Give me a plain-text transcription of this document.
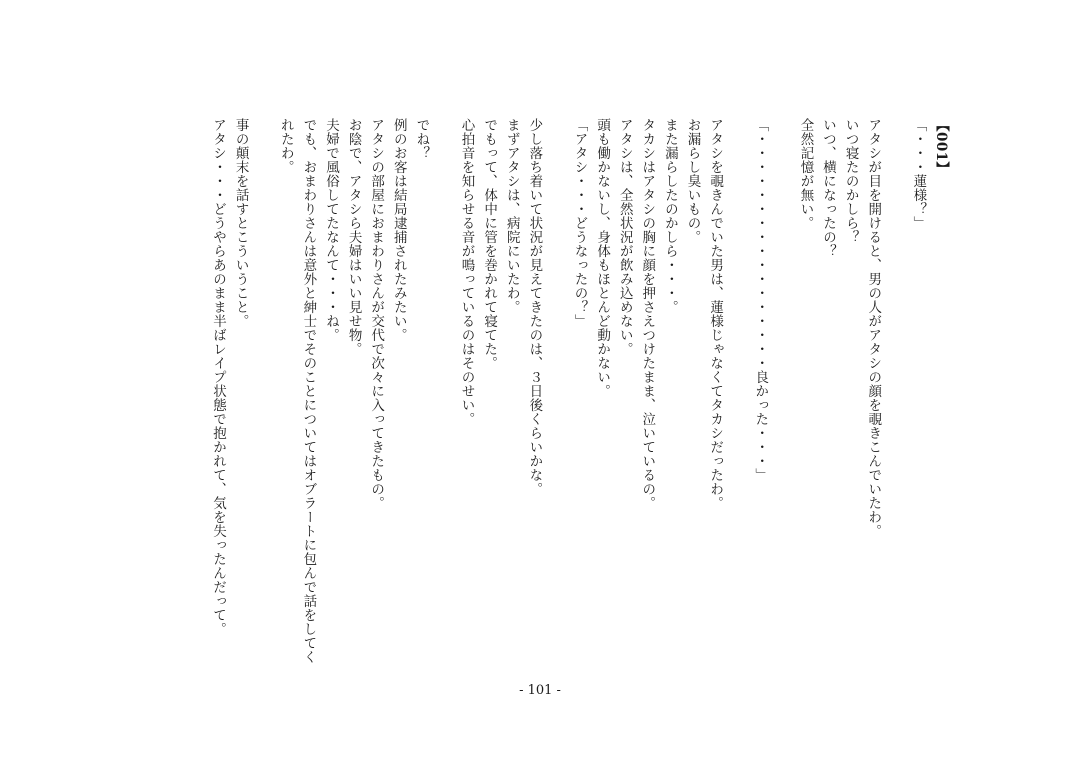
【001】
「・・・蓮様？」

アタシが目を開けると、男の人がアタシの顔を覗きこんでいたわ。
いつ寝たのかしら？
いつ、横になったの？
全然記憶が無い。

「・・・・・・・・・・・・・・・・・良かった・・・」

アタシを覗きんでいた男は、蓮様じゃなくてタカシだったわ。
お漏らし臭いもの。
また漏らしたのかしら・・・。
タカシはアタシの胸に顔を押さえつけたまま、泣いているの。
アタシは、全然状況が飲み込めない。
頭も働かないし、身体もほとんど動かない。
「アタシ・・・どうなったの？」

少し落ち着いて状況が見えてきたのは、３日後くらいかな。
まずアタシは、病院にいたわ。
でもって、体中に管を巻かれて寝てた。
心拍音を知らせる音が鳴っているのはそのせい。

でね？
例のお客は結局逮捕されたみたい。
アタシの部屋におまわりさんが交代で次々に入ってきたもの。
お陰で、アタシら夫婦はいい見せ物。
夫婦で風俗してたなんて・・・ね。
でも、おまわりさんは意外と紳士でそのことについてはオブラートに包んで話をしてく
れたわ。

事の顛末を話すとこういうこと。
アタシ・・・どうやらあのまま半ばレイプ状態で抱かれて、気を失ったんだって。
- 101 -
